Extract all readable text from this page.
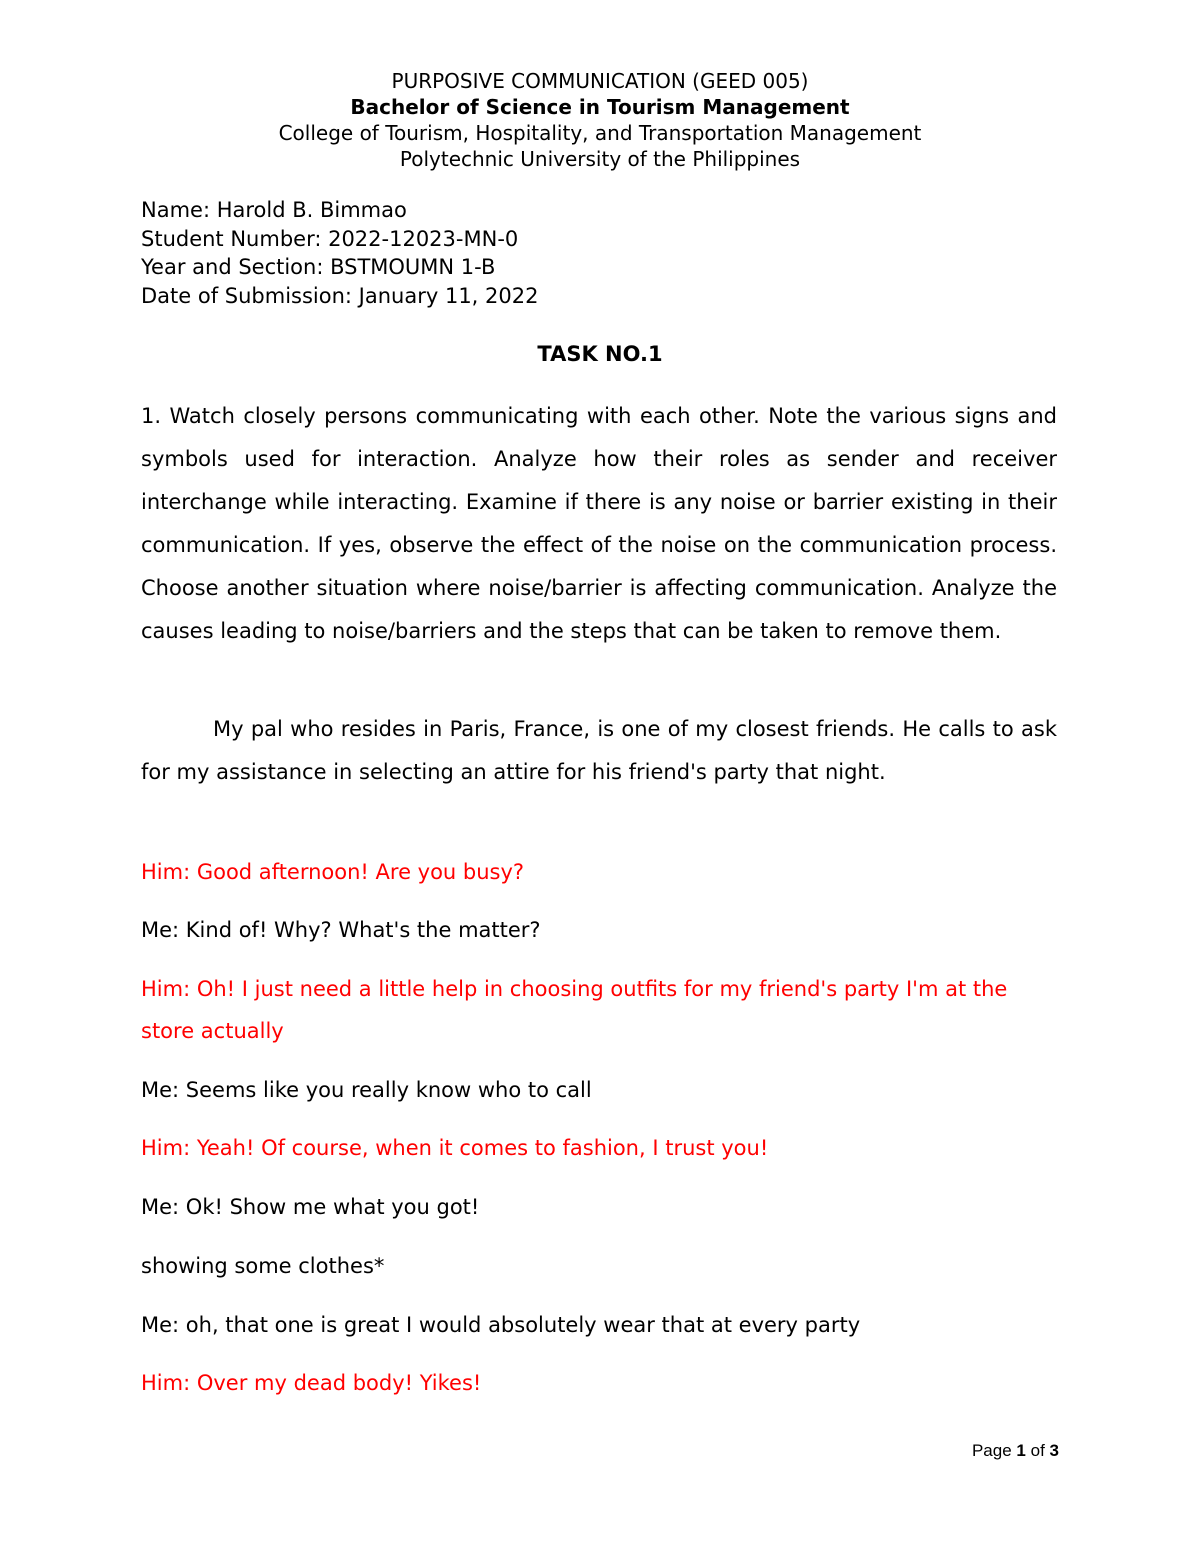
PURPOSIVE COMMUNICATION (GEED 005)
Bachelor of Science in Tourism Management
College of Tourism, Hospitality, and Transportation Management
Polytechnic University of the Philippines
Name: Harold B. Bimmao
Student Number: 2022-12023-MN-0
Year and Section: BSTMOUMN 1-B
Date of Submission: January 11, 2022
TASK NO.1

1. Watch closely persons communicating with each other. Note the various signs and symbols used for interaction. Analyze how their roles as sender and receiver interchange while interacting. Examine if there is any noise or barrier existing in their communication. If yes, observe the effect of the noise on the communication process. Choose another situation where noise/barrier is affecting communication. Analyze the causes leading to noise/barriers and the steps that can be taken to remove them.

My pal who resides in Paris, France, is one of my closest friends. He calls to ask for my assistance in selecting an attire for his friend's party that night.

Him: Good afternoon! Are you busy?

Me: Kind of! Why? What's the matter?

Him: Oh! I just need a little help in choosing outfits for my friend's party I'm at the store actually

Me: Seems like you really know who to call

Him: Yeah! Of course, when it comes to fashion, I trust you!

Me: Ok! Show me what you got!

showing some clothes*

Me: oh, that one is great I would absolutely wear that at every party

Him: Over my dead body! Yikes!

Page 1 of 3
